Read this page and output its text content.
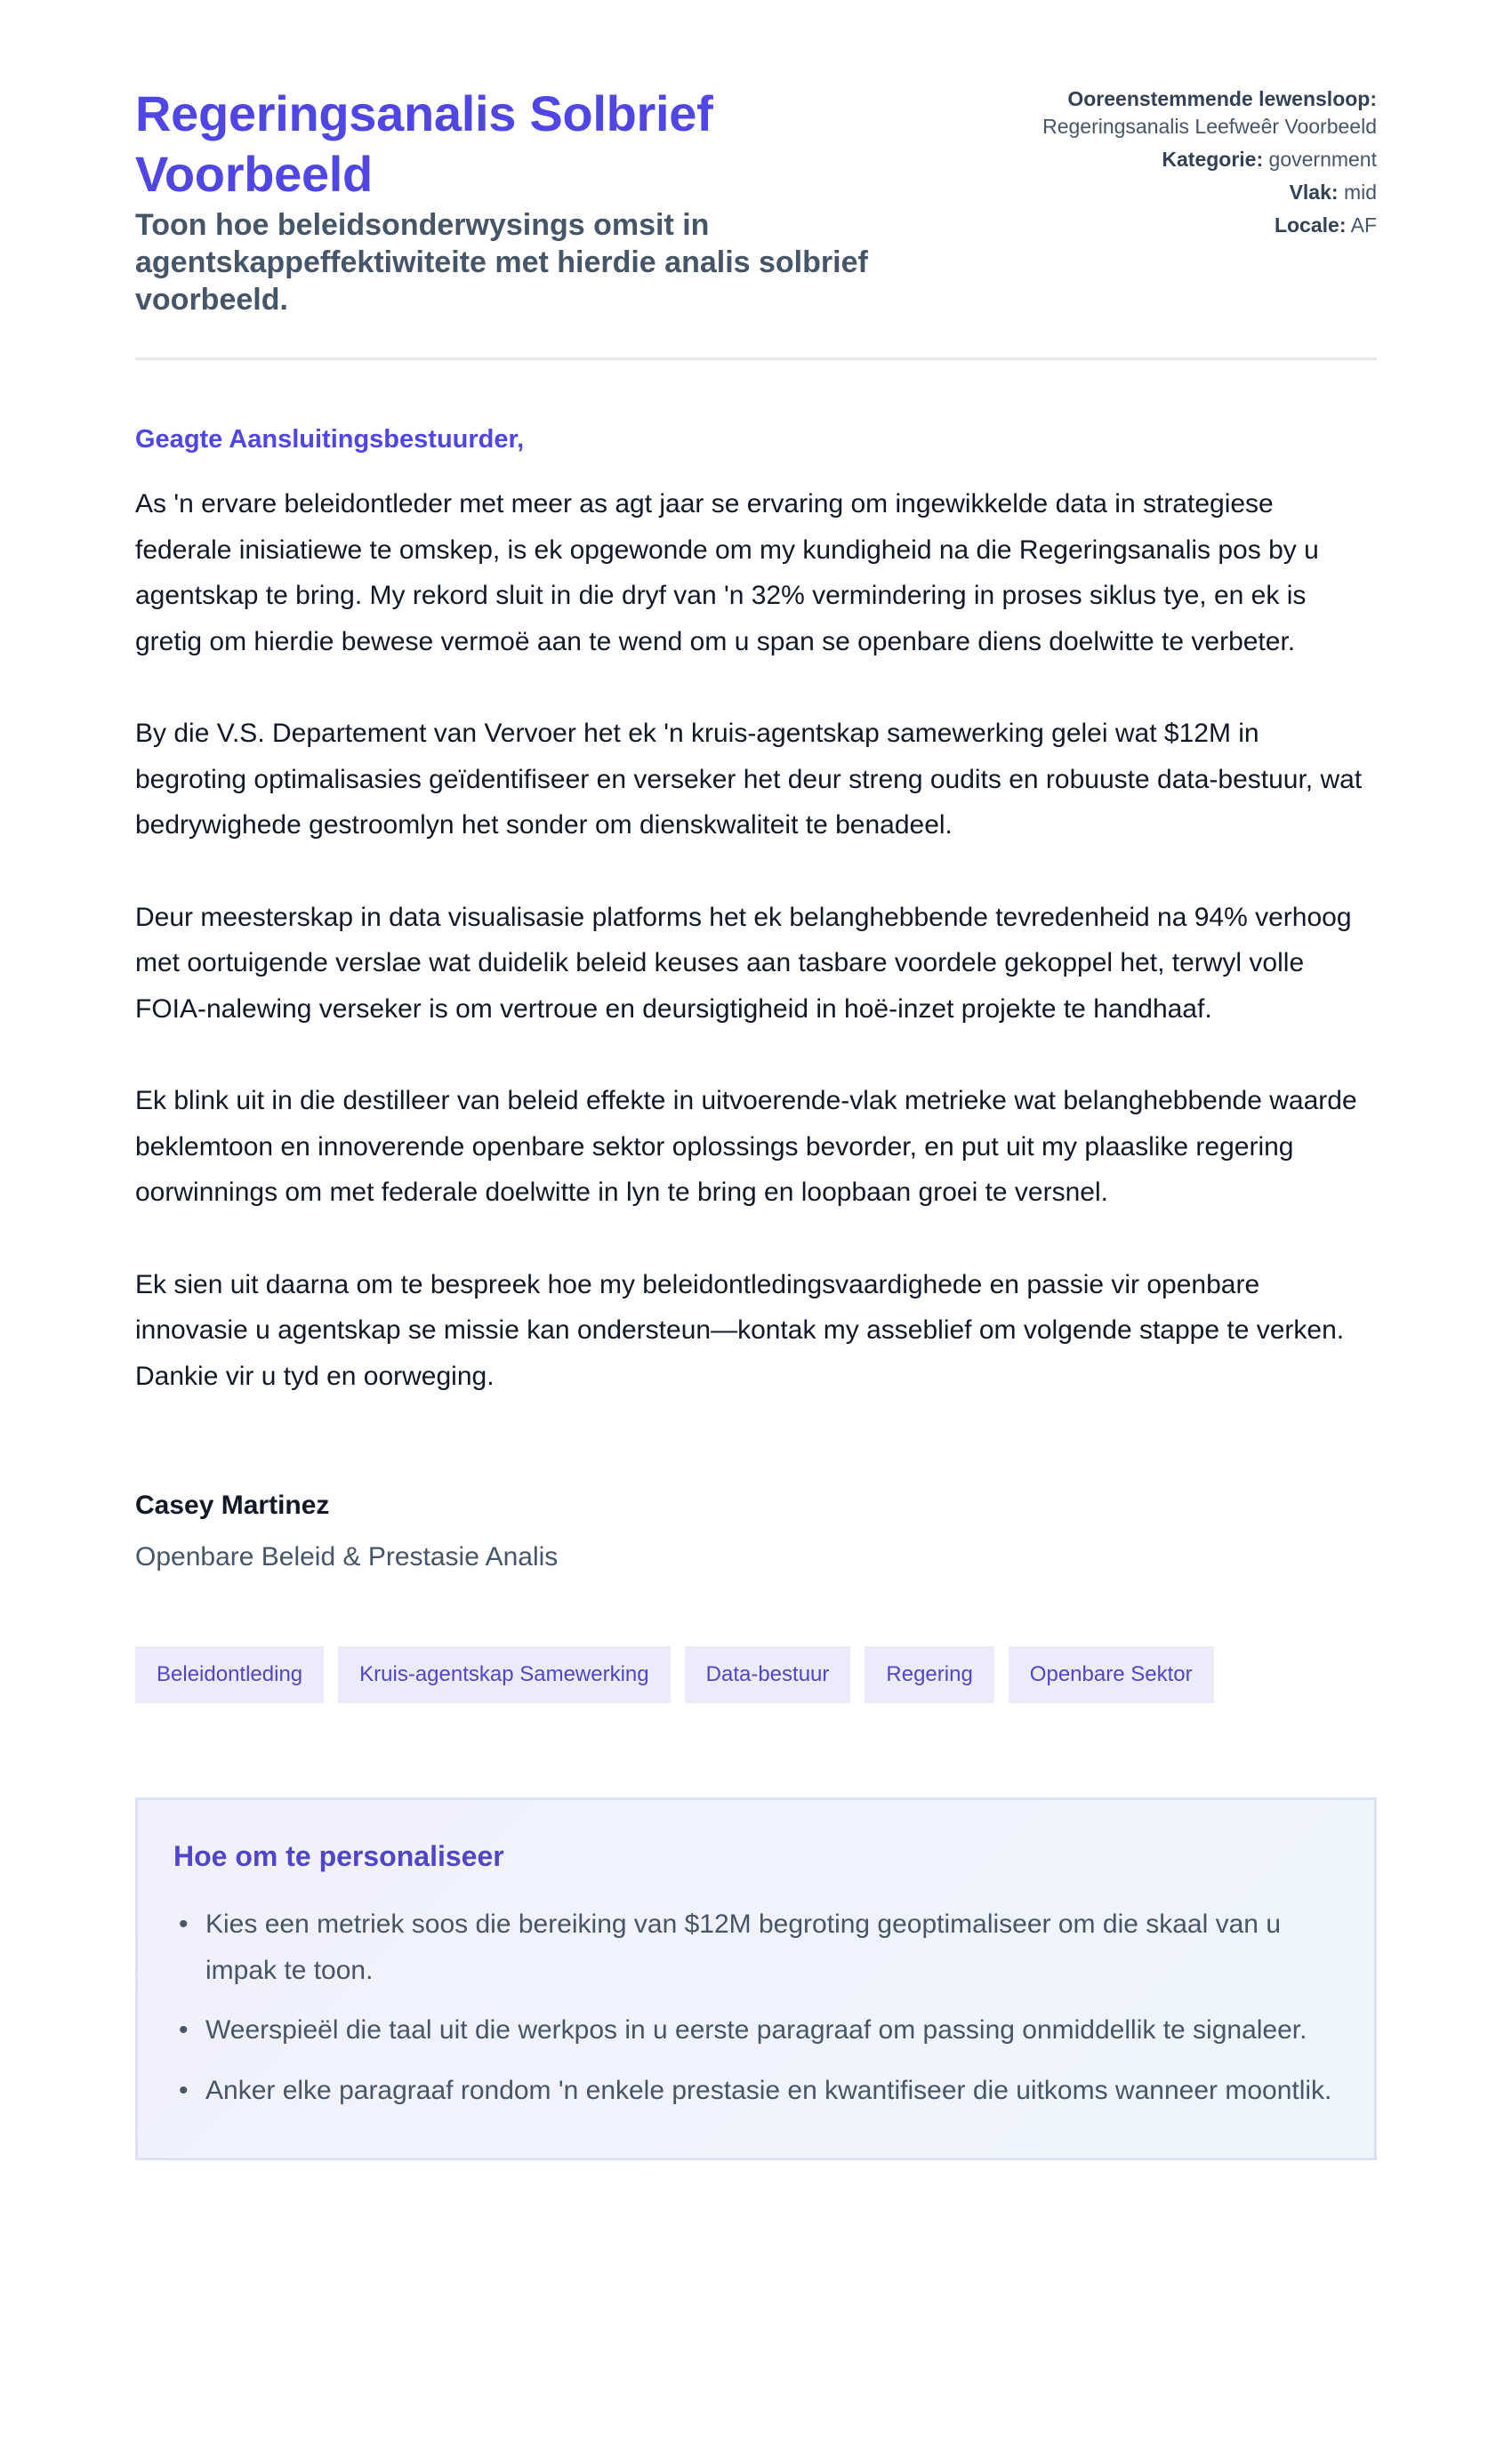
Regeringsanalis Solbrief Voorbeeld

Toon hoe beleidsonderwysings omsit in agentskappeffektiwiteite met hierdie analis solbrief voorbeeld.

Ooreenstemmende lewensloop:
Regeringsanalis Leefweêr Voorbeeld
Kategorie: government
Vlak: mid
Locale: AF

Geagte Aansluitingsbestuurder,

As 'n ervare beleidontleder met meer as agt jaar se ervaring om ingewikkelde data in strategiese federale inisiatiewe te omskep, is ek opgewonde om my kundigheid na die Regeringsanalis pos by u agentskap te bring. My rekord sluit in die dryf van 'n 32% vermindering in proses siklus tye, en ek is gretig om hierdie bewese vermoë aan te wend om u span se openbare diens doelwitte te verbeter.

By die V.S. Departement van Vervoer het ek 'n kruis-agentskap samewerking gelei wat $12M in begroting optimalisasies geïdentifiseer en verseker het deur streng oudits en robuuste data-bestuur, wat bedrywighede gestroomlyn het sonder om dienskwaliteit te benadeel.

Deur meesterskap in data visualisasie platforms het ek belanghebbende tevredenheid na 94% verhoog met oortuigende verslae wat duidelik beleid keuses aan tasbare voordele gekoppel het, terwyl volle FOIA-nalewing verseker is om vertroue en deursigtigheid in hoë-inzet projekte te handhaaf.

Ek blink uit in die destilleer van beleid effekte in uitvoerende-vlak metrieke wat belanghebbende waarde beklemtoon en innoverende openbare sektor oplossings bevorder, en put uit my plaaslike regering oorwinnings om met federale doelwitte in lyn te bring en loopbaan groei te versnel.

Ek sien uit daarna om te bespreek hoe my beleidontledingsvaardighede en passie vir openbare innovasie u agentskap se missie kan ondersteun—kontak my asseblief om volgende stappe te verken. Dankie vir u tyd en oorweging.

Casey Martinez

Openbare Beleid & Prestasie Analis

Beleidontleding	Kruis-agentskap Samewerking	Data-bestuur	Regering	Openbare Sektor
Hoe om te personaliseer
• Kies een metriek soos die bereiking van $12M begroting geoptimaliseer om die skaal van u impak te toon.
• Weerspieël die taal uit die werkpos in u eerste paragraaf om passing onmiddellik te signaleer.
• Anker elke paragraaf rondom 'n enkele prestasie en kwantifiseer die uitkoms wanneer moontlik.
